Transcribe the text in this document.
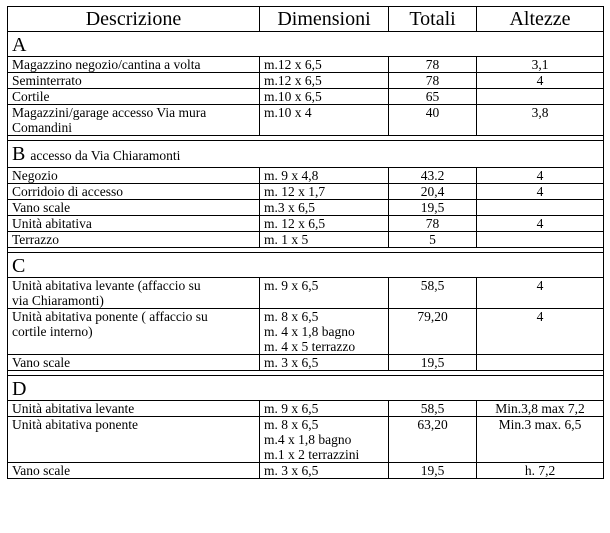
Descrizione	Dimensioni	Totali	Altezze
A			

Magazzino negozio/cantina a volta	m.12 x 6,5	78	3,1

Seminterrato	m.12 x 6,5	78	4

Cortile	m.10 x 6,5	65	

Magazzini/garage accesso Via mura
Comandini	m.10 x 4	40	3,8

B accesso da Via Chiaramonti			

Negozio	m. 9 x 4,8	43.2	4

Corridoio di accesso	m. 12 x 1,7	20,4	4

Vano scale	m.3 x 6,5	19,5	

Unità abitativa	m. 12 x 6,5	78	4

Terrazzo	m. 1 x 5	5	

C			

Unità abitativa levante (affaccio su
via Chiaramonti)	m. 9 x 6,5	58,5	4

Unità abitativa ponente ( affaccio su
cortile interno)	m. 8 x 6,5
m. 4 x 1,8 bagno
m. 4 x 5 terrazzo	79,20	4

Vano scale	m. 3 x 6,5	19,5	

D			

Unità abitativa levante	m. 9 x 6,5	58,5	Min.3,8 max 7,2

Unità abitativa ponente	m. 8 x 6,5
m.4 x 1,8 bagno
m.1 x 2 terrazzini	63,20	Min.3 max. 6,5

Vano scale	m. 3 x 6,5	19,5	h. 7,2
